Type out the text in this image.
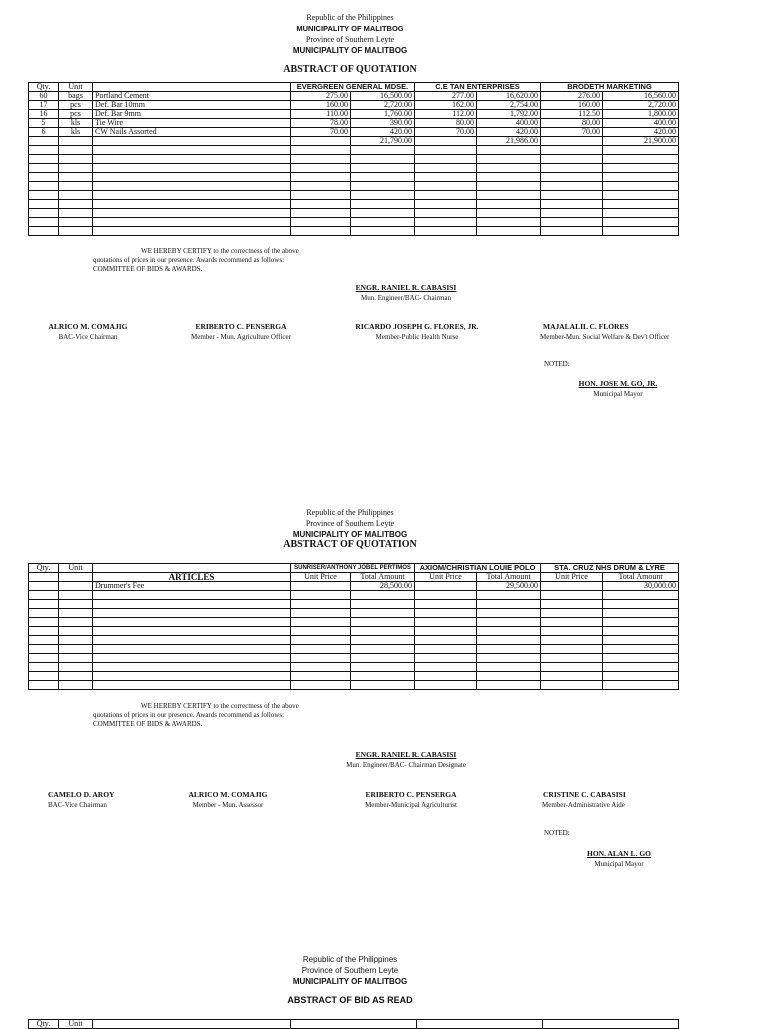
Republic of the Philippines
MUNICIPALITY OF MALITBOG
Province of Southern Leyte
MUNICIPALITY OF MALITBOG
ABSTRACT OF QUOTATION
Qty.	Unit		EVERGREEN GENERAL MDSE.		C.E TAN ENTERPRISES		BRODETH MARKETING	
60	bags	Portland Cement	275.00	16,500.00	277.00	16,620.00	276.00	16,560.00
17	pcs	Def. Bar 10mm	160.00	2,720.00	162.00	2,754.00	160.00	2,720.00
16	pcs	Def. Bar 9mm	110.00	1,760.00	112.00	1,792.00	112.50	1,800.00
5	kls	Tie Wire	78.00	390.00	80.00	400.00	80.00	400.00
6	kls	CW Nails Assorted	70.00	420.00	70.00	420.00	70.00	420.00
				21,790.00		21,986.00		21,900.00

WE HEREBY CERTIFY to the correctness of the above
quotations of prices in our presence. Awards recommend as follows:
COMMITTEE OF BIDS & AWARDS.
ENGR. RANIEL R. CABASISI
Mun. Engineer/BAC- Chairman
ALRICO M. COMAJIG
BAC-Vice Chairman
ERIBERTO C. PENSERGA
Member - Mun. Agriculture Officer
RICARDO JOSEPH G. FLORES, JR.
Member-Public Health Nurse
MAJALALIL C. FLORES
Member-Mun. Social Welfare & Dev't Officer
NOTED:
HON. JOSE M. GO, JR.
Municipal Mayor
Republic of the Philippines
Province of Southern Leyte
MUNICIPALITY OF MALITBOG
ABSTRACT OF QUOTATION
Qty.	Unit		SUNRISER/ANTHONY JOBEL PERTIMOS		AXIOM/CHRISTIAN LOUIE POLO		STA. CRUZ NHS DRUM & LYRE	
		ARTICLES	Unit Price	Total Amount	Unit Price	Total Amount	Unit Price	Total Amount
		Drummer's Fee		28,500.00		29,500.00		30,000.00

WE HEREBY CERTIFY to the correctness of the above
quotations of prices in our presence. Awards recommend as follows:
COMMITTEE OF BIDS & AWARDS.
ENGR. RANIEL R. CABASISI
Mun. Engineer/BAC- Chairman Designate
CAMELO D. AROY
BAC-Vice Chairman
ALRICO M. COMAJIG
Member - Mun. Assessor
ERIBERTO C. PENSERGA
Member-Municipal Agriculturist
CRISTINE C. CABASISI
Member-Administrative Aide
NOTED:
HON. ALAN L. GO
Municipal Mayor
Republic of the Philippines
Province of Southern Leyte
MUNICIPALITY OF MALITBOG
ABSTRACT OF BID AS READ
Qty.	Unit				
